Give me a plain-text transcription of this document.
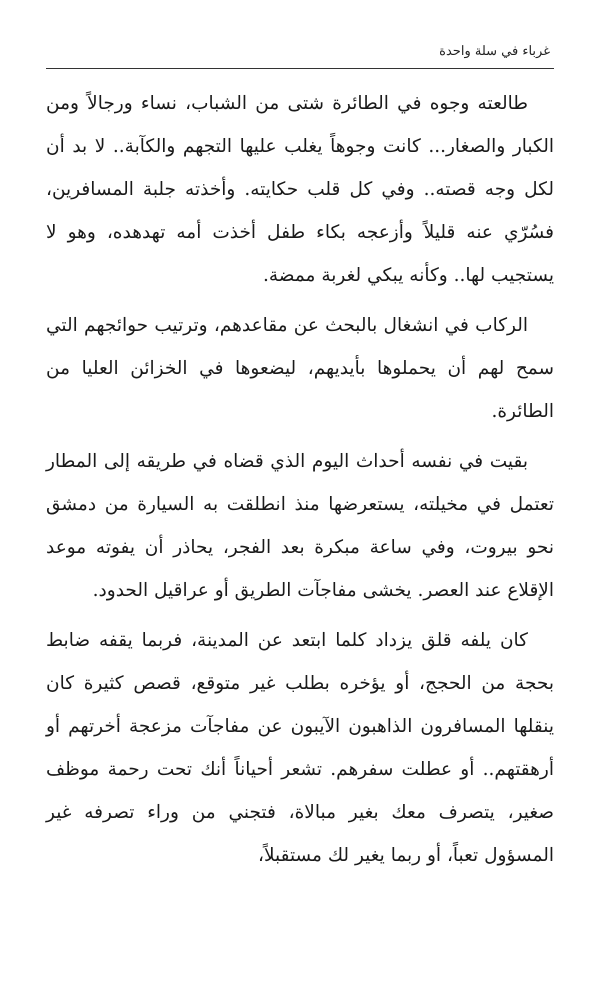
غرباء في سلة واحدة

طالعته وجوه في الطائرة شتى من الشباب، نساء ورجالاً ومن الكبار والصغار... كانت وجوهاً يغلب عليها التجهم والكآبة.. لا بد أن لكل وجه قصته.. وفي كل قلب حكايته. وأخذته جلبة المسافرين، فسُرّي عنه قليلاً وأزعجه بكاء طفل أخذت أمه تهدهده، وهو لا يستجيب لها.. وكأنه يبكي لغربة ممضة.

الركاب في انشغال بالبحث عن مقاعدهم، وترتيب حوائجهم التي سمح لهم أن يحملوها بأيديهم، ليضعوها في الخزائن العليا من الطائرة.

بقيت في نفسه أحداث اليوم الذي قضاه في طريقه إلى المطار تعتمل في مخيلته، يستعرضها منذ انطلقت به السيارة من دمشق نحو بيروت، وفي ساعة مبكرة بعد الفجر، يحاذر أن يفوته موعد الإقلاع عند العصر. يخشى مفاجآت الطريق أو عراقيل الحدود.

كان يلفه قلق يزداد كلما ابتعد عن المدينة، فربما يقفه ضابط بحجة من الحجج، أو يؤخره بطلب غير متوقع، قصص كثيرة كان ينقلها المسافرون الذاهبون الآيبون عن مفاجآت مزعجة أخرتهم أو أرهقتهم.. أو عطلت سفرهم. تشعر أحياناً أنك تحت رحمة موظف صغير، يتصرف معك بغير مبالاة، فتجني من وراء تصرفه غير المسؤول تعباً، أو ربما يغير لك مستقبلاً،
